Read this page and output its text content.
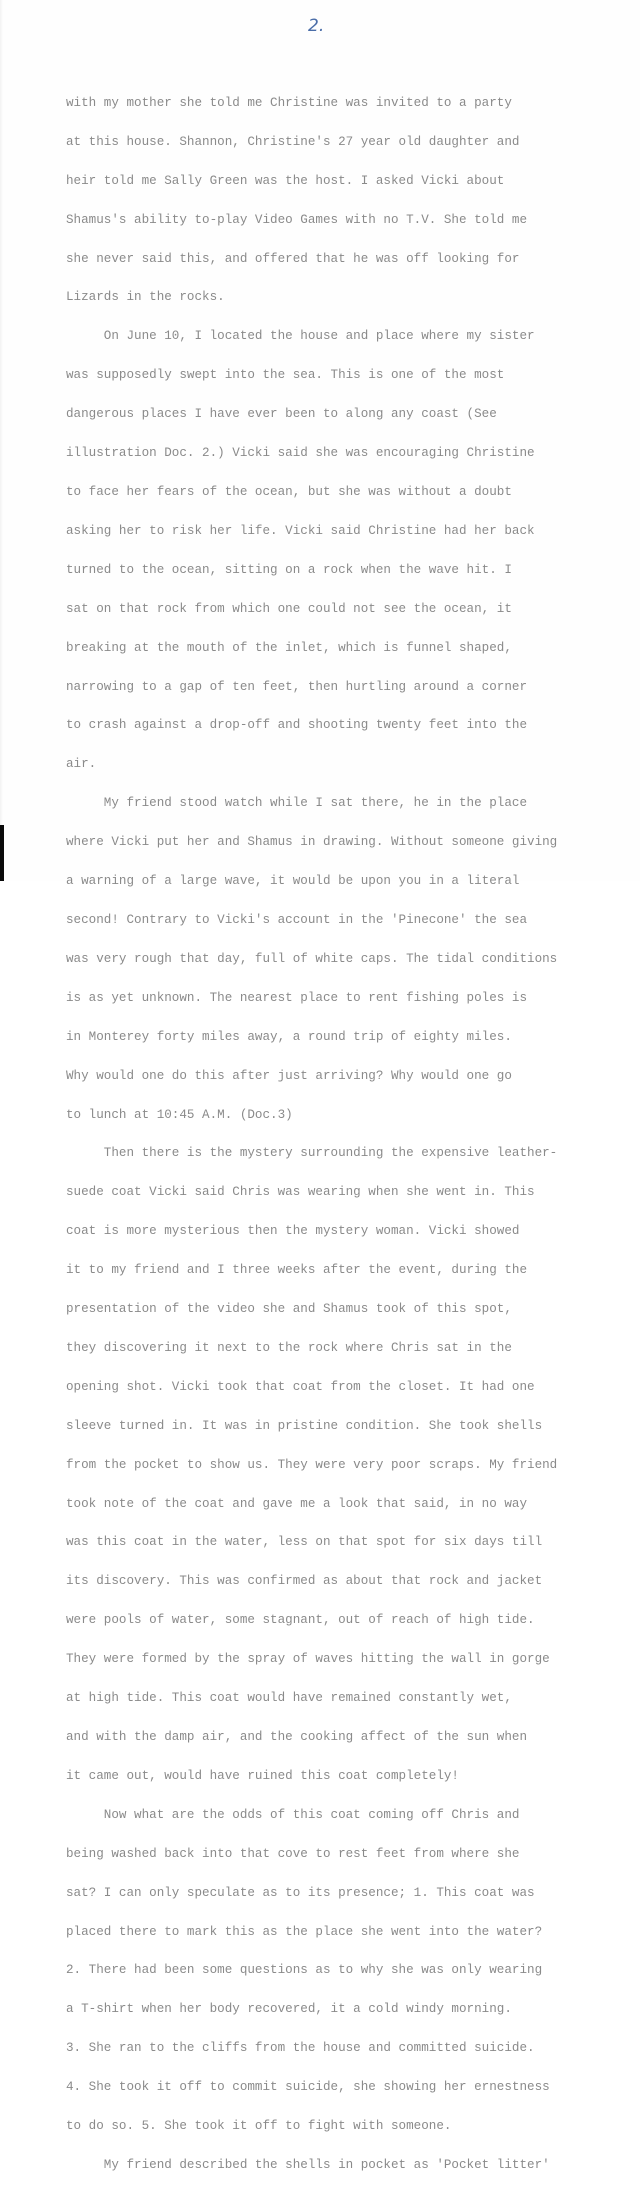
2.

with my mother she told me Christine was invited to a party

at this house. Shannon, Christine's 27 year old daughter and

heir told me Sally Green was the host. I asked Vicki about

Shamus's ability to-play Video Games with no T.V. She told me

she never said this, and offered that he was off looking for

Lizards in the rocks.

On June 10, I located the house and place where my sister

was supposedly swept into the sea. This is one of the most

dangerous places I have ever been to along any coast (See

illustration Doc. 2.) Vicki said she was encouraging Christine

to face her fears of the ocean, but she was without a doubt

asking her to risk her life. Vicki said Christine had her back

turned to the ocean, sitting on a rock when the wave hit. I

sat on that rock from which one could not see the ocean, it

breaking at the mouth of the inlet, which is funnel shaped,

narrowing to a gap of ten feet, then hurtling around a corner

to crash against a drop-off and shooting twenty feet into the

air.

My friend stood watch while I sat there, he in the place

where Vicki put her and Shamus in drawing. Without someone giving

a warning of a large wave, it would be upon you in a literal

second! Contrary to Vicki's account in the 'Pinecone' the sea

was very rough that day, full of white caps. The tidal conditions

is as yet unknown. The nearest place to rent fishing poles is

in Monterey forty miles away, a round trip of eighty miles.

Why would one do this after just arriving? Why would one go

to lunch at 10:45 A.M. (Doc.3)

Then there is the mystery surrounding the expensive leather-

suede coat Vicki said Chris was wearing when she went in. This

coat is more mysterious then the mystery woman. Vicki showed

it to my friend and I three weeks after the event, during the

presentation of the video she and Shamus took of this spot,

they discovering it next to the rock where Chris sat in the

opening shot. Vicki took that coat from the closet. It had one

sleeve turned in. It was in pristine condition. She took shells

from the pocket to show us. They were very poor scraps. My friend

took note of the coat and gave me a look that said, in no way

was this coat in the water, less on that spot for six days till

its discovery. This was confirmed as about that rock and jacket

were pools of water, some stagnant, out of reach of high tide.

They were formed by the spray of waves hitting the wall in gorge

at high tide. This coat would have remained constantly wet,

and with the damp air, and the cooking affect of the sun when

it came out, would have ruined this coat completely!

Now what are the odds of this coat coming off Chris and

being washed back into that cove to rest feet from where she

sat? I can only speculate as to its presence; 1. This coat was

placed there to mark this as the place she went into the water?

2. There had been some questions as to why she was only wearing

a T-shirt when her body recovered, it a cold windy morning.

3. She ran to the cliffs from the house and committed suicide.

4. She took it off to commit suicide, she showing her ernestness

to do so. 5. She took it off to fight with someone.

My friend described the shells in pocket as 'Pocket litter'
